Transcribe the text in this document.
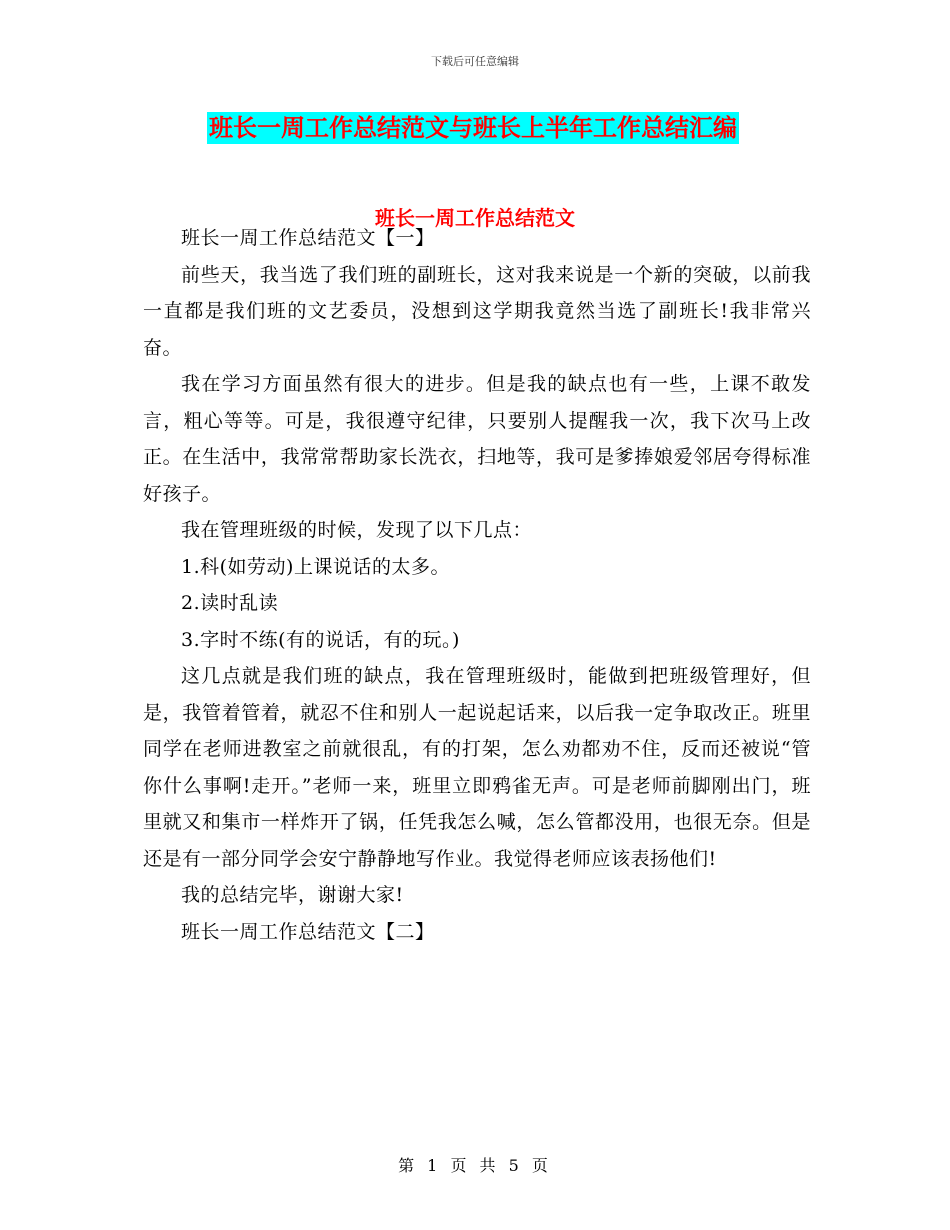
下载后可任意编辑
班长一周工作总结范文与班长上半年工作总结汇编
班长一周工作总结范文

班长一周工作总结范文【一】

前些天，我当选了我们班的副班长，这对我来说是一个新的突破，以前我一直都是我们班的文艺委员，没想到这学期我竟然当选了副班长!我非常兴奋。

我在学习方面虽然有很大的进步。但是我的缺点也有一些，上课不敢发言，粗心等等。可是，我很遵守纪律，只要别人提醒我一次，我下次马上改正。在生活中，我常常帮助家长洗衣，扫地等，我可是爹捧娘爱邻居夸得标准好孩子。

我在管理班级的时候，发现了以下几点：

1.科(如劳动)上课说话的太多。

2.读时乱读

3.字时不练(有的说话，有的玩。)

这几点就是我们班的缺点，我在管理班级时，能做到把班级管理好，但是，我管着管着，就忍不住和别人一起说起话来，以后我一定争取改正。班里同学在老师进教室之前就很乱，有的打架，怎么劝都劝不住，反而还被说“管你什么事啊!走开。”老师一来，班里立即鸦雀无声。可是老师前脚刚出门，班里就又和集市一样炸开了锅，任凭我怎么喊，怎么管都没用，也很无奈。但是还是有一部分同学会安宁静静地写作业。我觉得老师应该表扬他们!

我的总结完毕，谢谢大家!

班长一周工作总结范文【二】

第 1 页 共 5 页
